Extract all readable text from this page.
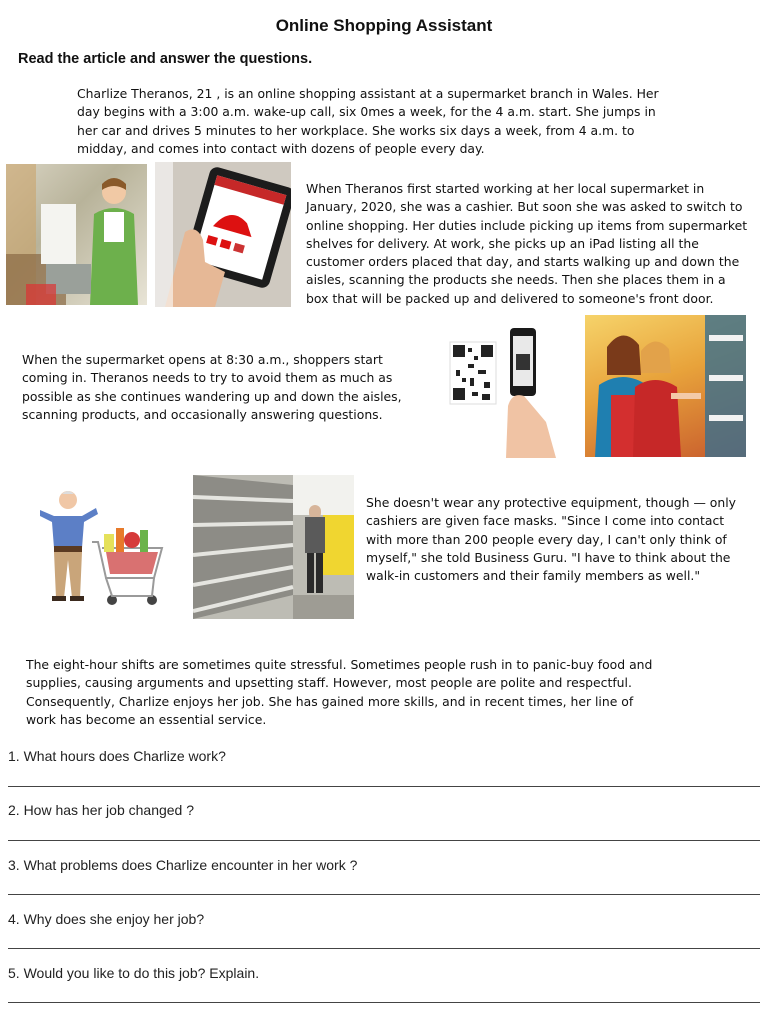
Online Shopping Assistant
Read the article and answer the questions.
Charlize Theranos, 21 , is an online shopping assistant at a supermarket branch in Wales. Her day begins with a 3:00 a.m. wake-up call, six 0mes a week, for the 4 a.m. start. She jumps in her car and drives 5 minutes to her workplace. She works six days a week, from 4 a.m. to midday, and comes into contact with dozens of people every day.
When Theranos first started working at her local supermarket in January, 2020, she was a cashier. But soon she was asked to switch to online shopping. Her duties include picking up items from supermarket shelves for delivery. At work, she picks up an iPad listing all the customer orders placed that day, and starts walking up and down the aisles, scanning the products she needs. Then she places them in a box that will be packed up and delivered to someone's front door.
When the supermarket opens at 8:30 a.m., shoppers start coming in. Theranos needs to try to avoid them as much as possible as she continues wandering up and down the aisles, scanning products, and occasionally answering questions.
She doesn't wear any protective equipment, though — only cashiers are given face masks. "Since I come into contact with more than 200 people every day, I can't only think of myself," she told Business Guru. "I have to think about the walk-in customers and their family members as well."
The eight-hour shifts are sometimes quite stressful. Sometimes people rush in to panic-buy food and supplies, causing arguments and upsetting staff. However, most people are polite and respectful. Consequently, Charlize enjoys her job. She has gained more skills, and in recent times, her line of work has become an essential service.
1. What hours does Charlize work?
2. How has her job changed ?
3. What problems does Charlize encounter in her work ?
4. Why does she enjoy her job?
5. Would you like to do this job? Explain.
